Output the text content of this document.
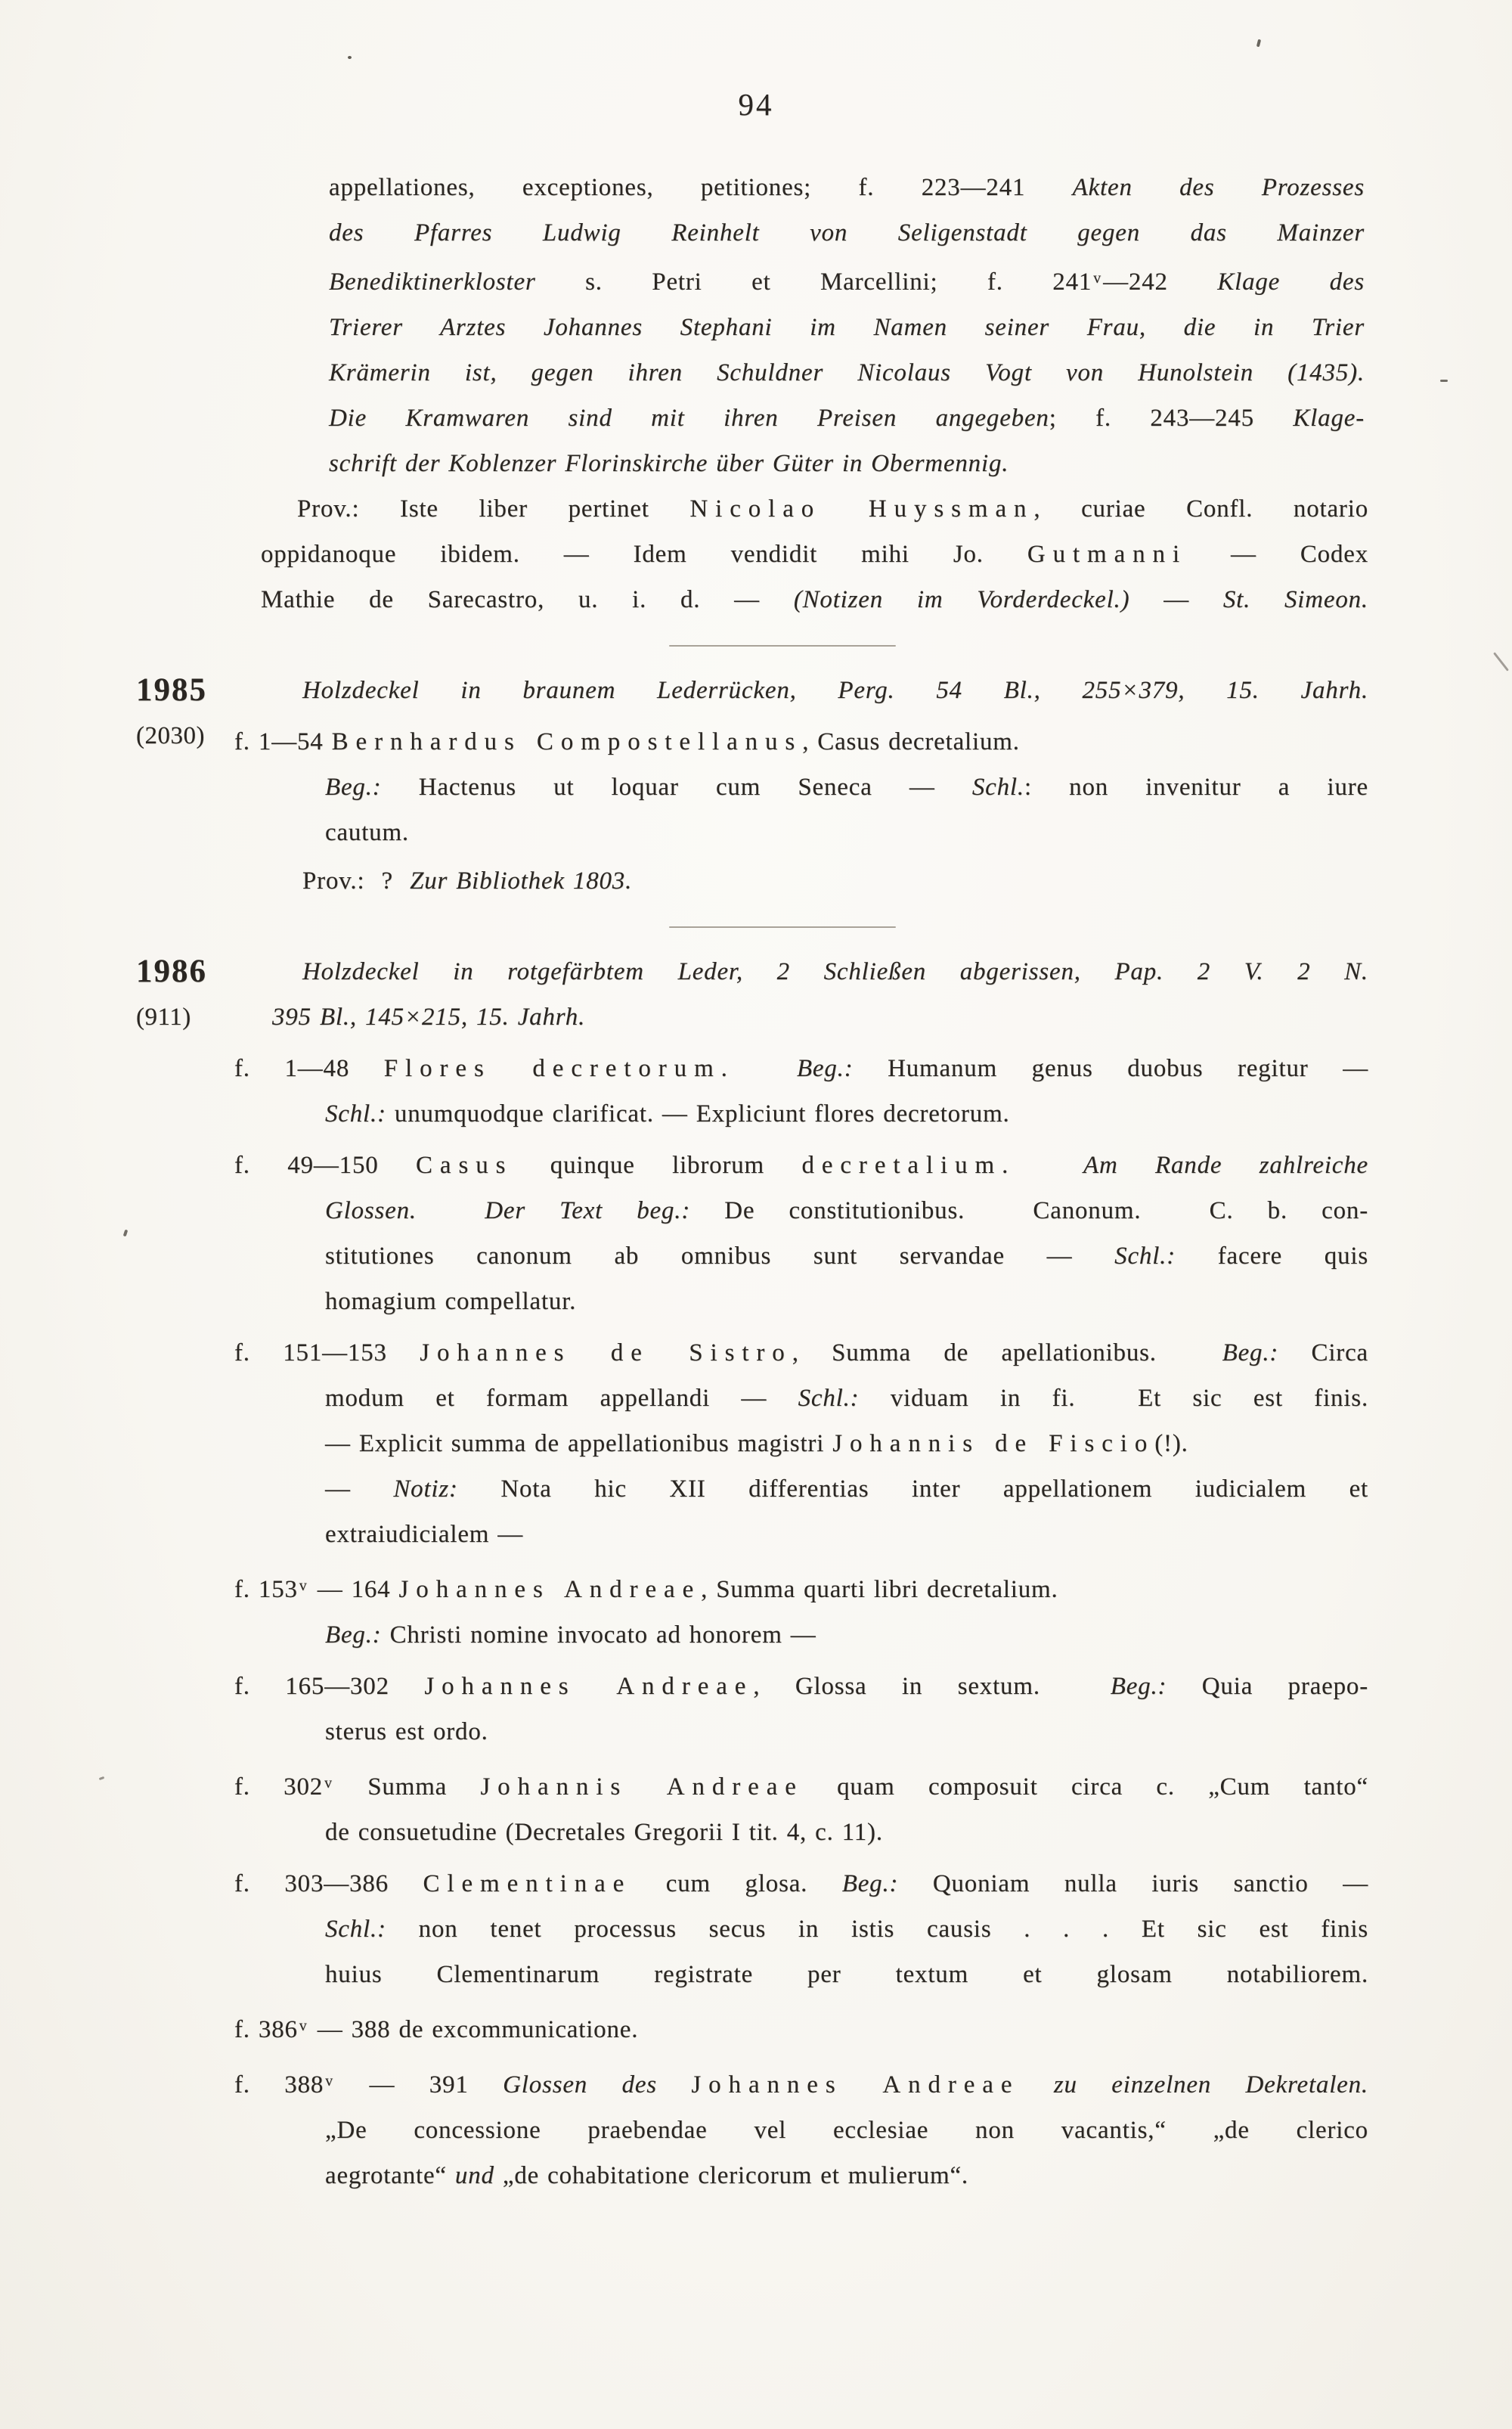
94
appellationes, exceptiones, petitiones; f. 223—241 Akten des Prozesses
des Pfarres Ludwig Reinhelt von Seligenstadt gegen das Mainzer
Benediktinerkloster s. Petri et Marcellini; f. 241 $^v$—242 Klage des
Trierer Arztes Johannes Stephani im Namen seiner Frau, die in Trier
Krämerin ist, gegen ihren Schuldner Nicolaus Vogt von Hunolstein (1435).
Die Kramwaren sind mit ihren Preisen angegeben; f. 243—245 Klage-
schrift der Koblenzer Florinskirche über Güter in Obermennig.
Prov.: Iste liber pertinet Nicolao Huyssman, curiae Confl. notario
oppidanoque ibidem. — Idem vendidit mihi Jo. Gutmanni — Codex
Mathie de Sarecastro, u. i. d. — (Notizen im Vorderdeckel.) — St. Simeon.
1985
(2030)
Holzdeckel in braunem Lederrücken, Perg. 54 Bl., 255×379, 15. Jahrh.
f. 1—54 Bernhardus Compostellanus, Casus decretalium.
Beg.: Hactenus ut loquar cum Seneca — Schl.: non invenitur a iure
cautum.
Prov.:  ?  Zur Bibliothek 1803.
1986
(911)
Holzdeckel in rotgefärbtem Leder, 2 Schließen abgerissen, Pap. 2 V. 2 N.
395 Bl., 145×215, 15. Jahrh.
f. 1—48 Flores decretorum.  Beg.: Humanum genus duobus regitur —
Schl.: unumquodque clarificat. — Expliciunt flores decretorum.
f. 49—150 Casus quinque librorum decretalium.  Am Rande zahlreiche
Glossen.  Der Text beg.: De constitutionibus.  Canonum.  C. b. con-
stitutiones canonum ab omnibus sunt servandae — Schl.: facere quis
homagium compellatur.
f. 151—153 Johannes de Sistro, Summa de apellationibus.  Beg.: Circa
modum et formam appellandi — Schl.: viduam in fi.  Et sic est finis.
— Explicit summa de appellationibus magistri Johannis de Fiscio(!).
— Notiz: Nota hic XII differentias inter appellationem iudicialem et
extraiudicialem —
f. 153 $^v$ — 164 Johannes Andreae, Summa quarti libri decretalium.
Beg.: Christi nomine invocato ad honorem —
f. 165—302 Johannes Andreae, Glossa in sextum.  Beg.: Quia praepo-
sterus est ordo.
f. 302 $^v$ Summa Johannis Andreae quam composuit circa c. „Cum tanto“
de consuetudine (Decretales Gregorii I tit. 4, c. 11).
f. 303—386 Clementinae cum glosa. Beg.: Quoniam nulla iuris sanctio —
Schl.: non tenet processus secus in istis causis . . . Et sic est finis
huius Clementinarum registrate per textum et glosam notabiliorem.
f. 386 $^v$ — 388 de excommunicatione.
f. 388 $^v$ — 391 Glossen des Johannes Andreae zu einzelnen Dekretalen.
„De concessione praebendae vel ecclesiae non vacantis,“ „de clerico
aegrotante“ und „de cohabitatione clericorum et mulierum“.
